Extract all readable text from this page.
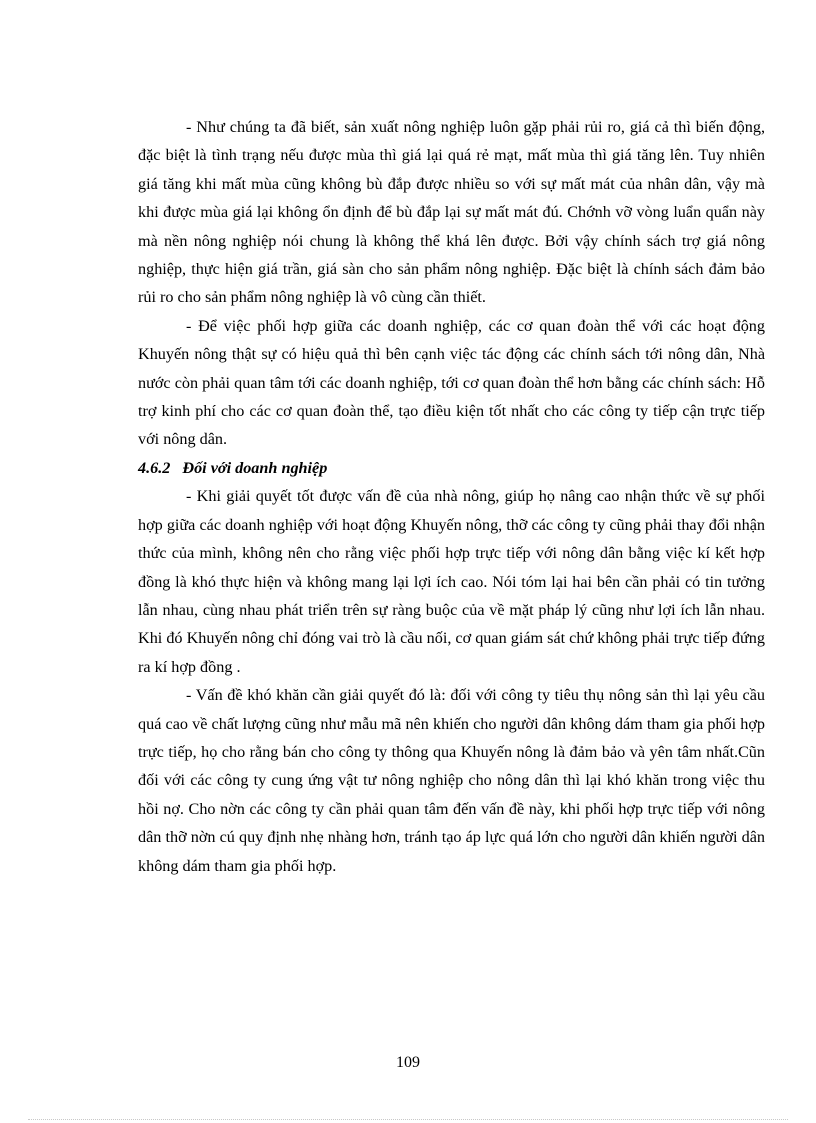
- Như chúng ta đã biết, sản xuất nông nghiệp luôn gặp phải rủi ro, giá cả thì biến động, đặc biệt là tình trạng nếu được mùa thì giá lại quá rẻ mạt, mất mùa thì giá tăng lên. Tuy nhiên giá tăng khi mất mùa cũng không bù đắp được nhiều so với sự mất mát của nhân dân, vậy mà khi được mùa giá lại không ổn định để bù đắp lại sự mất mát đú. Chớnh vỡ vòng luẩn quẩn này mà nền nông nghiệp nói chung là không thể khá lên được. Bởi vậy chính sách trợ giá nông nghiệp, thực hiện giá trần, giá sàn cho sản phẩm nông nghiệp. Đặc biệt là chính sách đảm bảo rủi ro cho sản phẩm nông nghiệp là vô cùng cần thiết.

- Để việc phối hợp giữa các doanh nghiệp, các cơ quan đoàn thể với các hoạt động Khuyến nông thật sự có hiệu quả thì bên cạnh việc tác động các chính sách tới nông dân, Nhà nước còn phải quan tâm tới các doanh nghiệp, tới cơ quan đoàn thể hơn bằng các chính sách: Hỗ trợ kinh phí cho các cơ quan đoàn thể, tạo điều kiện tốt nhất cho các công ty tiếp cận trực tiếp với nông dân.

4.6.2 Đối với doanh nghiệp

- Khi giải quyết tốt được vấn đề của nhà nông, giúp họ nâng cao nhận thức về sự phối hợp giữa các doanh nghiệp với hoạt động Khuyến nông, thỡ các công ty cũng phải thay đổi nhận thức của mình, không nên cho rằng việc phối hợp trực tiếp với nông dân bằng việc kí kết hợp đồng là khó thực hiện và không mang lại lợi ích cao. Nói tóm lại hai bên cần phải có tin tưởng lẫn nhau, cùng nhau phát triển trên sự ràng buộc của về mặt pháp lý cũng như lợi ích lẫn nhau. Khi đó Khuyến nông chỉ đóng vai trò là cầu nối, cơ quan giám sát chứ không phải trực tiếp đứng ra kí hợp đồng .

- Vấn đề khó khăn cần giải quyết đó là: đối với công ty tiêu thụ nông sản thì lại yêu cầu quá cao về chất lượng cũng như mẫu mã nên khiến cho người dân không dám tham gia phối hợp trực tiếp, họ cho rằng bán cho công ty thông qua Khuyến nông là đảm bảo và yên tâm nhất.Cũn đối với các công ty cung ứng vật tư nông nghiệp cho nông dân thì lại khó khăn trong việc thu hồi nợ. Cho nờn các công ty cần phải quan tâm đến vấn đề này, khi phối hợp trực tiếp với nông dân thỡ nờn cú quy định nhẹ nhàng hơn, tránh tạo áp lực quá lớn cho người dân khiến người dân không dám tham gia phối hợp.

109
